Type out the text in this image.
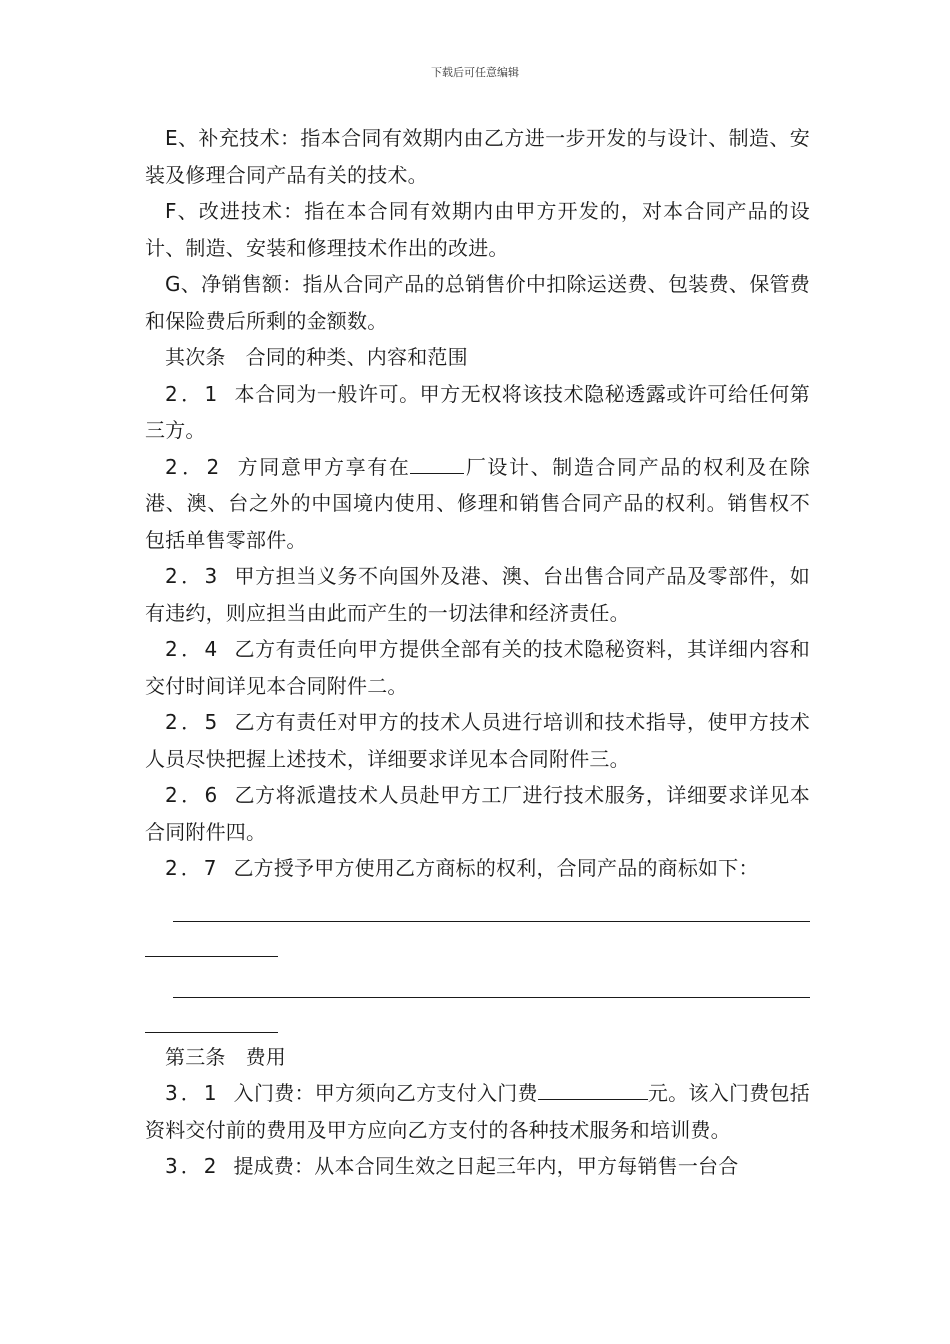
下载后可任意编辑

E、补充技术：指本合同有效期内由乙方进一步开发的与设计、制造、安装及修理合同产品有关的技术。

F、改进技术：指在本合同有效期内由甲方开发的，对本合同产品的设计、制造、安装和修理技术作出的改进。

G、净销售额：指从合同产品的总销售价中扣除运送费、包装费、保管费和保险费后所剩的金额数。

其次条 合同的种类、内容和范围

2．1 本合同为一般许可。甲方无权将该技术隐秘透露或许可给任何第三方。

2．2 方同意甲方享有在	厂设计、制造合同产品的权利及在除港、澳、台之外的中国境内使用、修理和销售合同产品的权利。销售权不包括单售零部件。

2．3 甲方担当义务不向国外及港、澳、台出售合同产品及零部件，如有违约，则应担当由此而产生的一切法律和经济责任。

2．4 乙方有责任向甲方提供全部有关的技术隐秘资料，其详细内容和交付时间详见本合同附件二。

2．5 乙方有责任对甲方的技术人员进行培训和技术指导，使甲方技术人员尽快把握上述技术，详细要求详见本合同附件三。

2．6 乙方将派遣技术人员赴甲方工厂进行技术服务，详细要求详见本合同附件四。

2．7 乙方授予甲方使用乙方商标的权利，合同产品的商标如下：

第三条 费用

3．1 入门费：甲方须向乙方支付入门费	元。该入门费包括资料交付前的费用及甲方应向乙方支付的各种技术服务和培训费。

3．2 提成费：从本合同生效之日起三年内，甲方每销售一台合
